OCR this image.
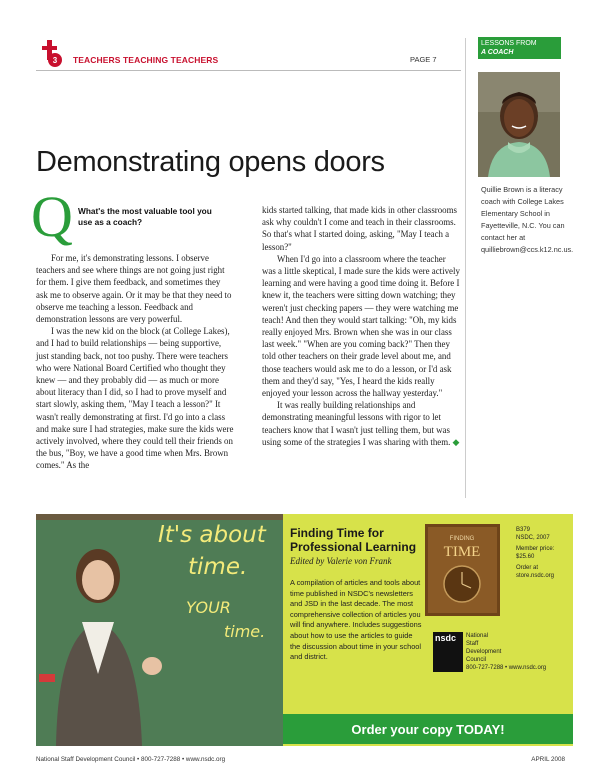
3 TEACHERS TEACHING TEACHERS	PAGE 7
LESSONS FROM
A COACH
Quillie Brown is a literacy coach with College Lakes Elementary School in Fayetteville, N.C. You can contact her at quilliebrown@ccs.k12.nc.us.
Demonstrating opens doors
Q What's the most valuable tool you use as a coach?

For me, it's demonstrating lessons. I observe teachers and see where things are not going just right for them. I give them feedback, and sometimes they ask me to observe again. Or it may be that they need to observe me teaching a lesson. Feedback and demonstration lessons are very powerful.

I was the new kid on the block (at College Lakes), and I had to build relationships — being supportive, just standing back, not too pushy. There were teachers who were National Board Certified who thought they knew — and they probably did — as much or more about literacy than I did, so I had to prove myself and start slowly, asking them, "May I teach a lesson?" It wasn't really demonstrating at first. I'd go into a class and make sure I had strategies, make sure the kids were actively involved, where they could tell their friends on the bus, "Boy, we have a good time when Mrs. Brown comes." As the

kids started talking, that made kids in other classrooms ask why couldn't I come and teach in their classrooms. So that's what I started doing, asking, "May I teach a lesson?"

When I'd go into a classroom where the teacher was a little skeptical, I made sure the kids were actively learning and were having a good time doing it. Before I knew it, the teachers were sitting down watching; they weren't just checking papers — they were watching me teach! And then they would start talking: "Oh, my kids really enjoyed Mrs. Brown when she was in our class last week." "When are you coming back?" Then they told other teachers on their grade level about me, and those teachers would ask me to do a lesson, or I'd ask them and they'd say, "Yes, I heard the kids really enjoyed your lesson across the hallway yesterday."

It was really building relationships and demonstrating meaningful lessons with rigor to let teachers know that I wasn't just telling them, but was using some of the strategies I was sharing with them. ◆

It's about
time.
YOUR
time.
Finding Time for
Professional Learning
Edited by Valerie von Frank
A compilation of articles and tools about time published in NSDC's newsletters and JSD in the last decade. The most comprehensive collection of articles you will find anywhere. Includes suggestions about how to use the articles to guide the discussion about time in your school and district.
FINDING
TIME
B379
NSDC, 2007
Member price:
$25.60
Order at
store.nsdc.org
nsdc	National
Staff
Development
Council
800-727-7288 • www.nsdc.org
Order your copy TODAY!
National Staff Development Council • 800-727-7288 • www.nsdc.org	APRIL 2008
